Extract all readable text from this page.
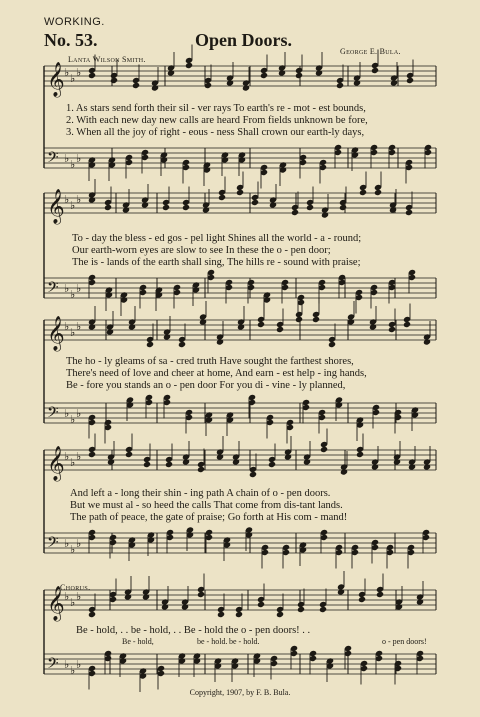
𝄞 ♭ ♭ ♭
𝄢 ♭ ♭ ♭
𝄞 ♭ ♭ ♭
𝄢 ♭ ♭ ♭
𝄞 ♭ ♭ ♭
𝄢 ♭ ♭ ♭
𝄞 ♭ ♭ ♭
𝄢 ♭ ♭ ♭
𝄞 ♭ ♭ ♭
𝄢 ♭ ♭ ♭
WORKING.
No. 53.	Open Doors.
Lanta Wilson Smith.
George E. Bula.
1. As stars send forth their sil - ver rays To earth's re - mot - est bounds,
2. With each new day new calls are heard From fields unknown be fore,
3. When all the joy of right - eous - ness Shall crown our earth-ly days,
To - day the bless - ed gos - pel light Shines all the world - a - round;
Our earth-worn eyes are slow to see In these the o - pen door;
The is - lands of the earth shall sing, The hills re - sound with praise;
The ho - ly gleams of sa - cred truth Have sought the farthest shores,
There's need of love and cheer at home, And earn - est help - ing hands,
Be - fore you stands an o - pen door For you di - vine - ly planned,
And left a - long their shin - ing path A chain of o - pen doors.
But we must al - so heed the calls That come from dis-tant lands.
The path of peace, the gate of praise; Go forth at His com - mand!
Chorus.
Be - hold, . . be - hold, . . Be - hold the o - pen doors! . .
Be - hold,	be - hold. be - hold.	o - pen doors!
Copyright, 1907, by F. B. Bula.
